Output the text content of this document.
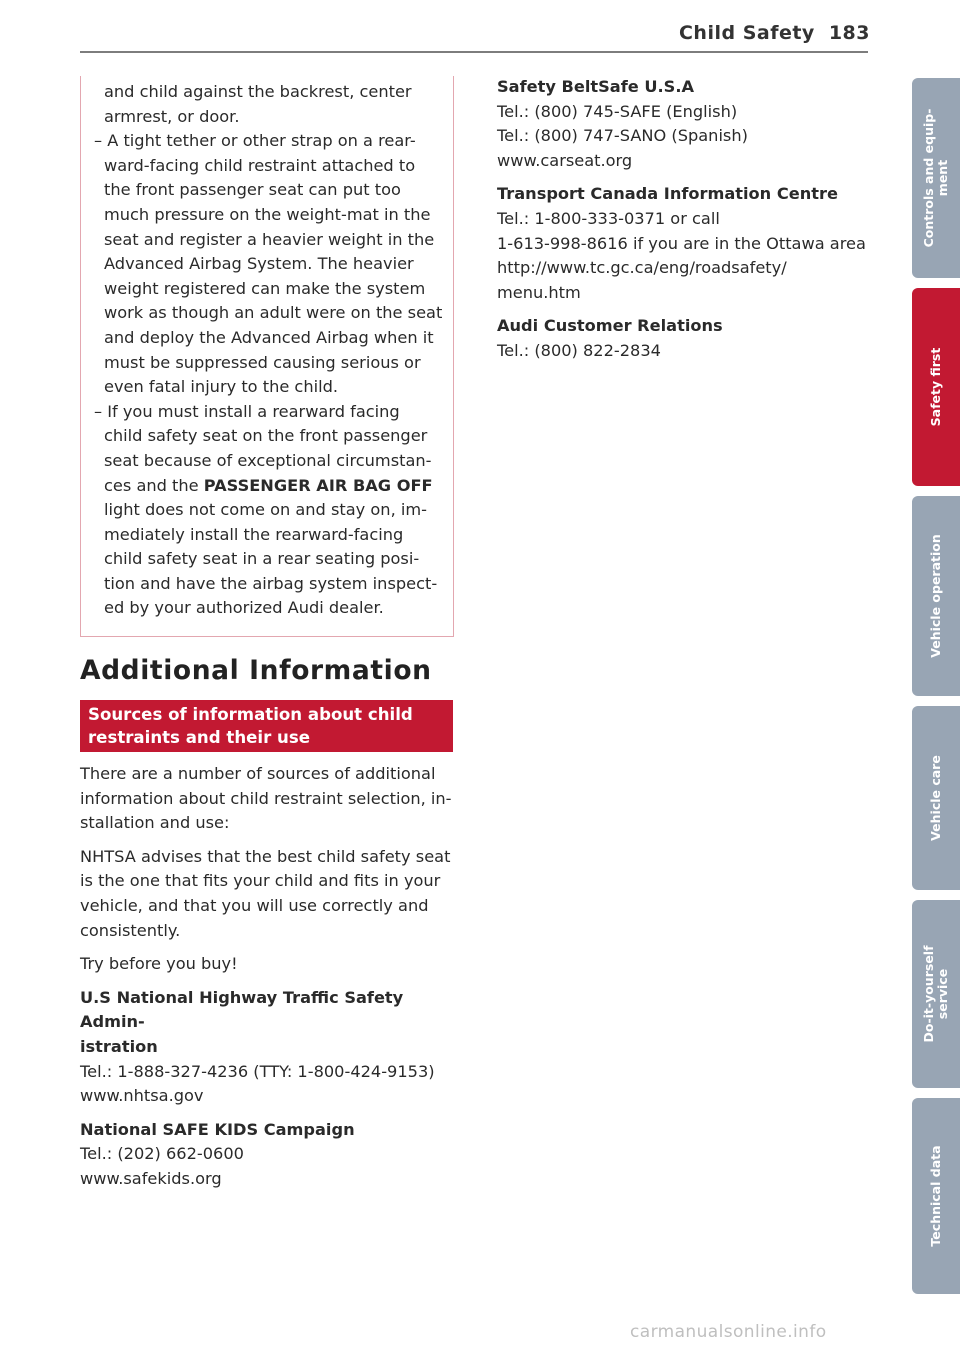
Child Safety 183

and child against the backrest, center

armrest, or door.

– A tight tether or other strap on a rear-

ward-facing child restraint attached to

the front passenger seat can put too

much pressure on the weight-mat in the

seat and register a heavier weight in the

Advanced Airbag System. The heavier

weight registered can make the system

work as though an adult were on the seat

and deploy the Advanced Airbag when it

must be suppressed causing serious or

even fatal injury to the child.

– If you must install a rearward facing

child safety seat on the front passenger

seat because of exceptional circumstan-

ces and the PASSENGER AIR BAG OFF

light does not come on and stay on, im-

mediately install the rearward-facing

child safety seat in a rear seating posi-

tion and have the airbag system inspect-

ed by your authorized Audi dealer.

Additional Information
Sources of information about child
restraints and their use
There are a number of sources of additional
information about child restraint selection, in-
stallation and use:
NHTSA advises that the best child safety seat
is the one that fits your child and fits in your
vehicle, and that you will use correctly and
consistently.
Try before you buy!
U.S National Highway Traffic Safety Admin-
istration
Tel.: 1-888-327-4236 (TTY: 1-800-424-9153)
www.nhtsa.gov
National SAFE KIDS Campaign
Tel.: (202) 662-0600
www.safekids.org
Safety BeltSafe U.S.A
Tel.: (800) 745-SAFE (English)
Tel.: (800) 747-SANO (Spanish)
www.carseat.org
Transport Canada Information Centre
Tel.: 1-800-333-0371 or call
1-613-998-8616 if you are in the Ottawa area
http://www.tc.gc.ca/eng/roadsafety/
menu.htm
Audi Customer Relations
Tel.: (800) 822-2834
Controls and equip-
ment
Safety first
Vehicle operation
Vehicle care
Do-it-yourself
service
Technical data
carmanualsonline.info
